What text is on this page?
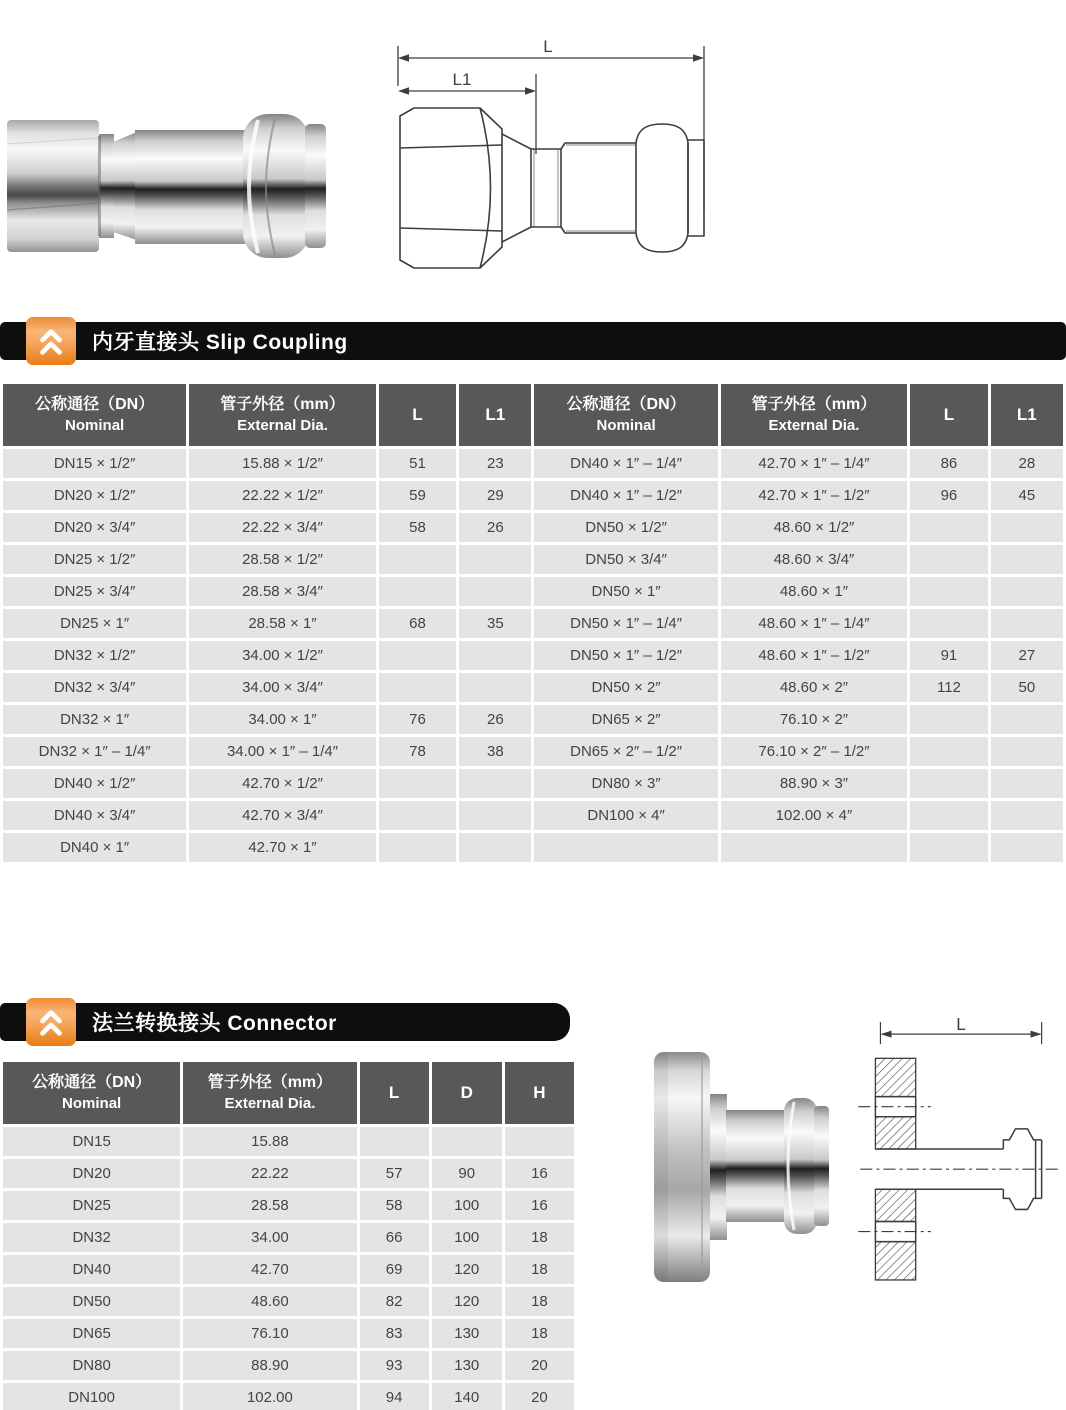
L
L1
内牙直接头 Slip Coupling
公称通径（DN）
Nominal

管子外径（mm）
External Dia.

L	L1

公称通径（DN）
Nominal

管子外径（mm）
External Dia.

L	L1

DN15 × 1/2″	15.88 × 1/2″	51	23	DN40 × 1″ – 1/4″	42.70 × 1″ – 1/4″	86	28
DN20 × 1/2″	22.22 × 1/2″	59	29	DN40 × 1″ – 1/2″	42.70 × 1″ – 1/2″	96	45
DN20 × 3/4″	22.22 × 3/4″	58	26	DN50 × 1/2″	48.60 × 1/2″		
DN25 × 1/2″	28.58 × 1/2″			DN50 × 3/4″	48.60 × 3/4″		
DN25 × 3/4″	28.58 × 3/4″			DN50 × 1″	48.60 × 1″		
DN25 × 1″	28.58 × 1″	68	35	DN50 × 1″ – 1/4″	48.60 × 1″ – 1/4″		
DN32 × 1/2″	34.00 × 1/2″			DN50 × 1″ – 1/2″	48.60 × 1″ – 1/2″	91	27
DN32 × 3/4″	34.00 × 3/4″			DN50 × 2″	48.60 × 2″	112	50
DN32 × 1″	34.00 × 1″	76	26	DN65 × 2″	76.10 × 2″		
DN32 × 1″ – 1/4″	34.00 × 1″ – 1/4″	78	38	DN65 × 2″ – 1/2″	76.10 × 2″ – 1/2″		
DN40 × 1/2″	42.70 × 1/2″			DN80 × 3″	88.90 × 3″		
DN40 × 3/4″	42.70 × 3/4″			DN100 × 4″	102.00 × 4″		
DN40 × 1″	42.70 × 1″						
法兰转换接头 Connector
公称通径（DN）
Nominal

管子外径（mm）
External Dia.

L	D	H

DN15	15.88			
DN20	22.22	57	90	16
DN25	28.58	58	100	16
DN32	34.00	66	100	18
DN40	42.70	69	120	18
DN50	48.60	82	120	18
DN65	76.10	83	130	18
DN80	88.90	93	130	20
DN100	102.00	94	140	20
L
